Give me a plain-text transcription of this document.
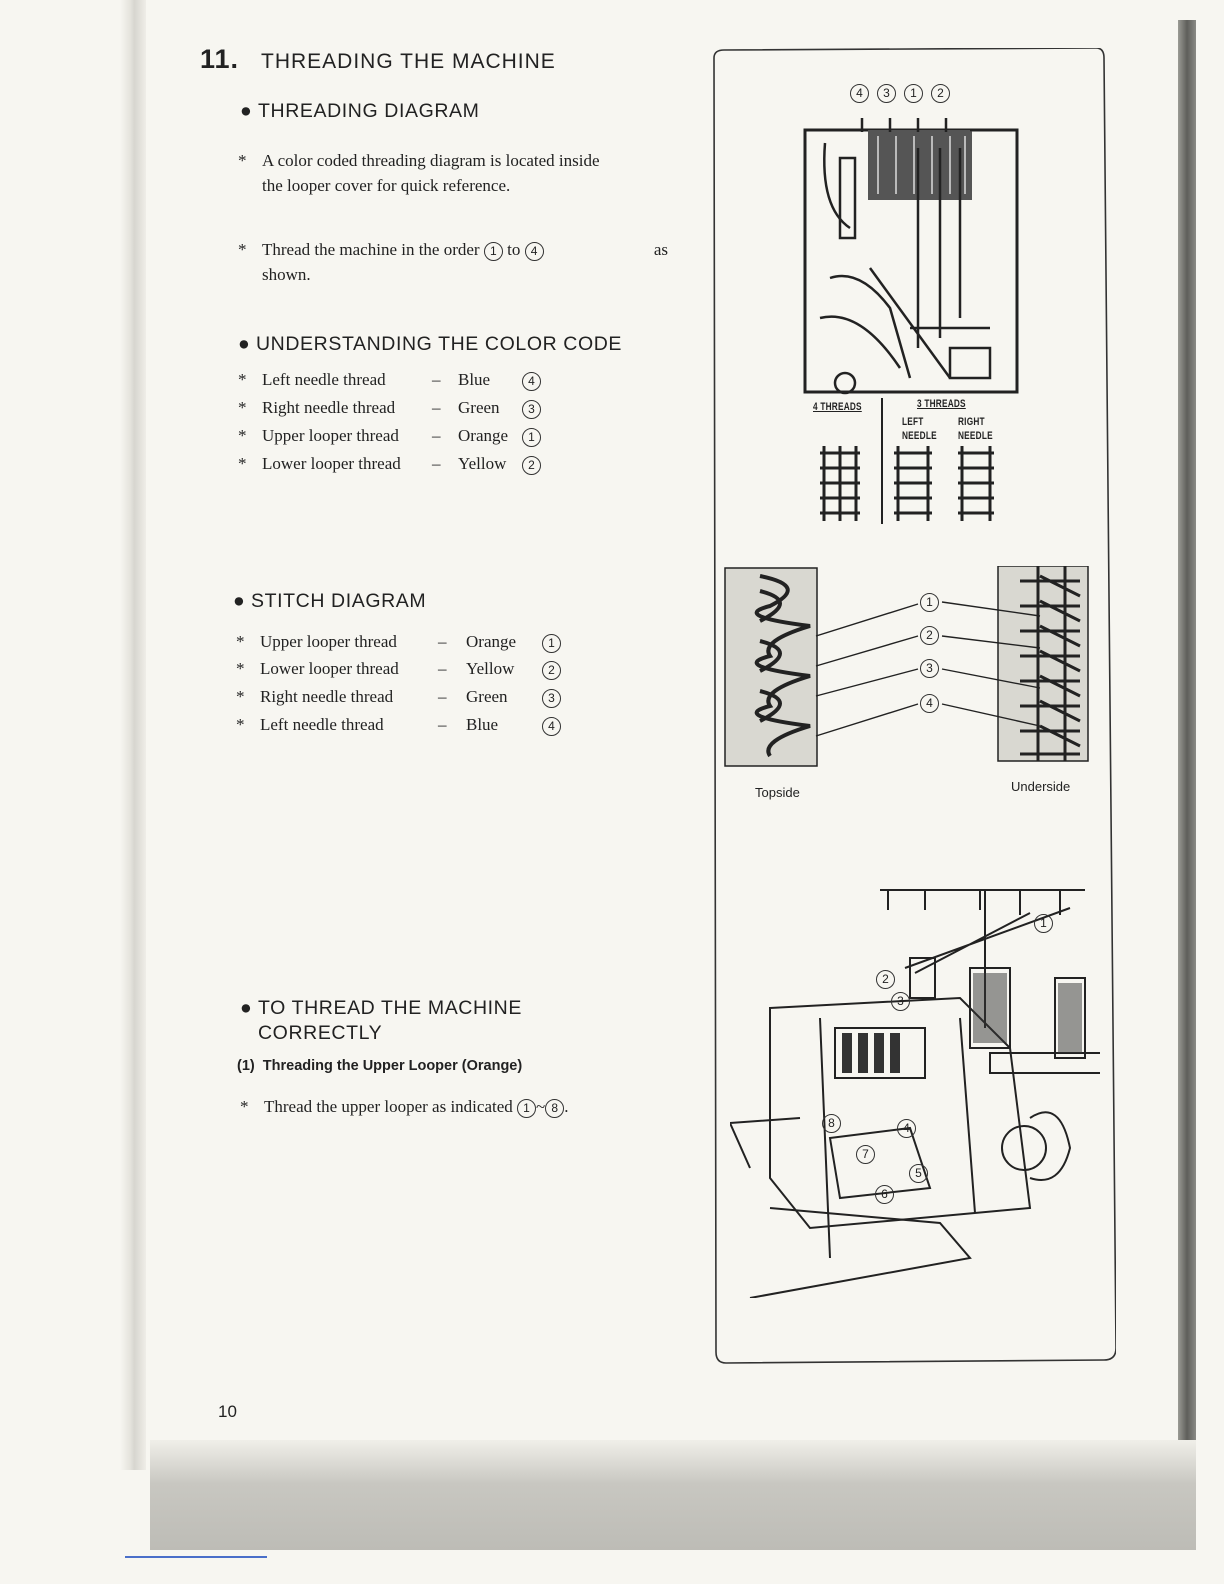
11. THREADING THE MACHINE
● THREADING DIAGRAM
* A color coded threading diagram is located inside
the looper cover for quick reference.
* Thread the machine in the order 1 to 4	as

shown.
● UNDERSTANDING THE COLOR CODE
* Left needle thread	– Blue	4
* Right needle thread – Green 3
* Upper looper thread – Orange 1
* Lower looper thread – Yellow 2
● STITCH DIAGRAM
* Upper looper thread – Orange	1
* Lower looper thread – Yellow	2
* Right needle thread	– Green	3
* Left needle thread	– Blue	4
● TO THREAD THE MACHINE
CORRECTLY
(1) Threading the Upper Looper (Orange)
* Thread the upper looper as indicated 1 ~ 8 .
10
4	3	1	2
4 THREADS	3 THREADS
LEFT
NEEDLE
RIGHT
NEEDLE
1
2
3
4
Topside	Underside
1
2
3
4
5
6
7
8
